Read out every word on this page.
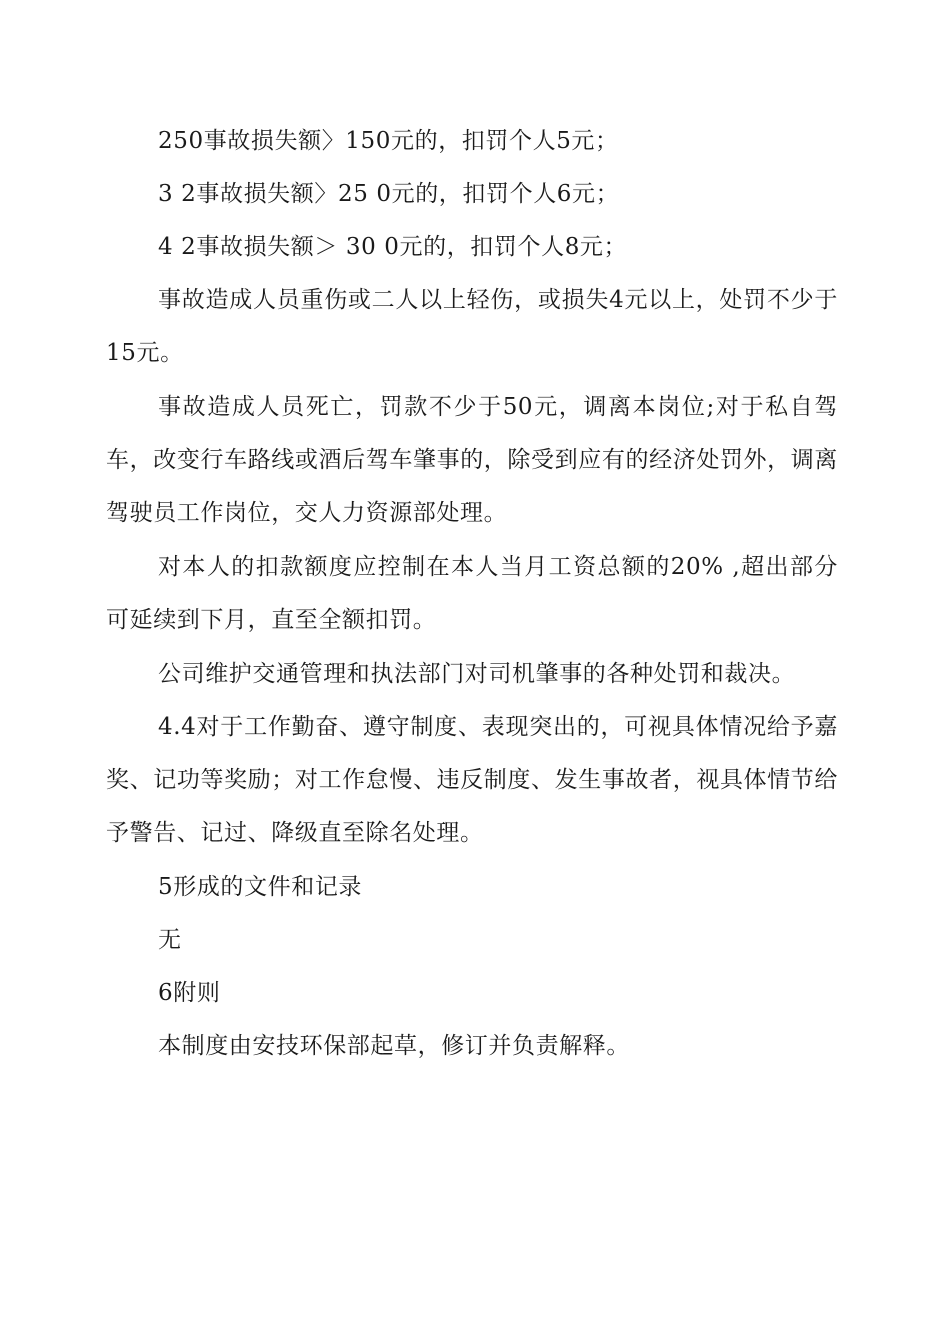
250事故损失额〉150元的，扣罚个人5元；

3 2事故损失额〉25 0元的，扣罚个人6元；

4 2事故损失额＞ 30 0元的，扣罚个人8元；

事故造成人员重伤或二人以上轻伤，或损失4元以上，处罚不少于15元。

事故造成人员死亡，罚款不少于50元，调离本岗位;对于私自驾车，改变行车路线或酒后驾车肇事的，除受到应有的经济处罚外，调离驾驶员工作岗位，交人力资源部处理。

对本人的扣款额度应控制在本人当月工资总额的20% ,超出部分可延续到下月，直至全额扣罚。

公司维护交通管理和执法部门对司机肇事的各种处罚和裁决。

4.4对于工作勤奋、遵守制度、表现突出的，可视具体情况给予嘉奖、记功等奖励；对工作怠慢、违反制度、发生事故者，视具体情节给予警告、记过、降级直至除名处理。

5形成的文件和记录

无

6附则

本制度由安技环保部起草，修订并负责解释。
